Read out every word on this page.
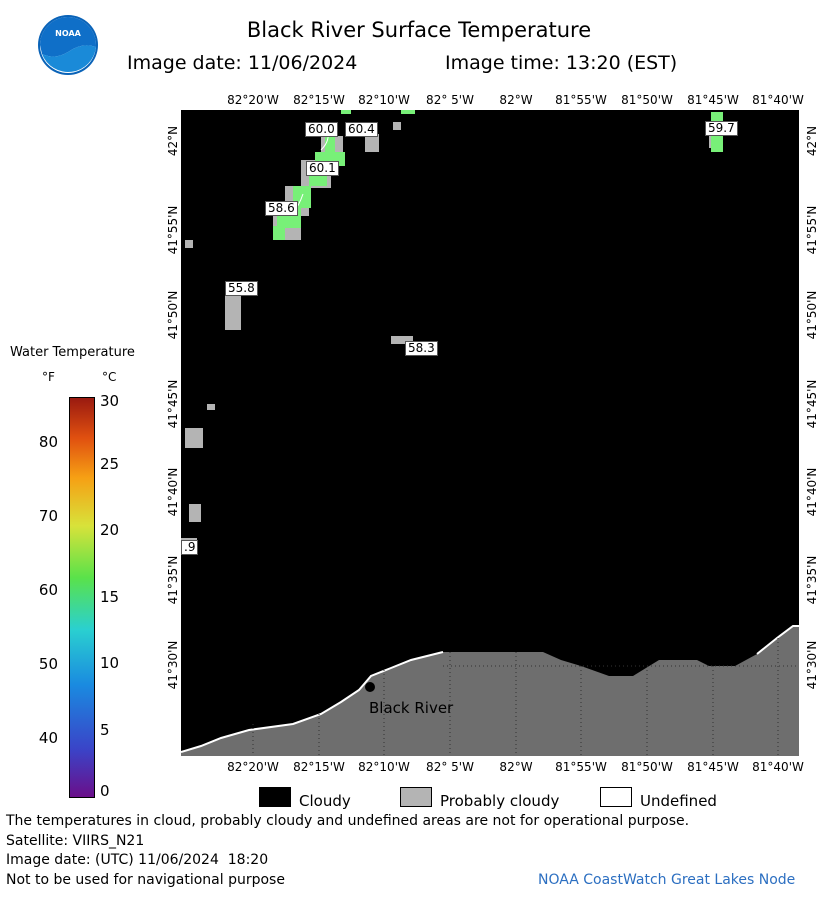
Black River Surface Temperature
Image date: 11/06/2024	Image time: 13:20 (EST)
NOAA
82°20'W 82°15'W 82°10'W 82° 5'W 82°W 81°55'W 81°50'W 81°45'W 81°40'W
82°20'W 82°15'W 82°10'W 82° 5'W 82°W 81°55'W 81°50'W 81°45'W 81°40'W
42°N
41°55'N
41°50'N
41°45'N
41°40'N
41°35'N
41°30'N
42°N
41°55'N
41°50'N
41°45'N
41°40'N
41°35'N
41°30'N
60.0 60.4
60.1
58.6
55.8
58.3
59.7
.9
Black River
Water Temperature
°F	°C
80
70
60
50
40
30
25
20
15
10
5
0
Cloudy	Probably cloudy	Undefined
The temperatures in cloud, probably cloudy and undefined areas are not for operational purpose.
Satellite: VIIRS_N21
Image date: (UTC) 11/06/2024  18:20
Not to be used for navigational purpose	NOAA CoastWatch Great Lakes Node
